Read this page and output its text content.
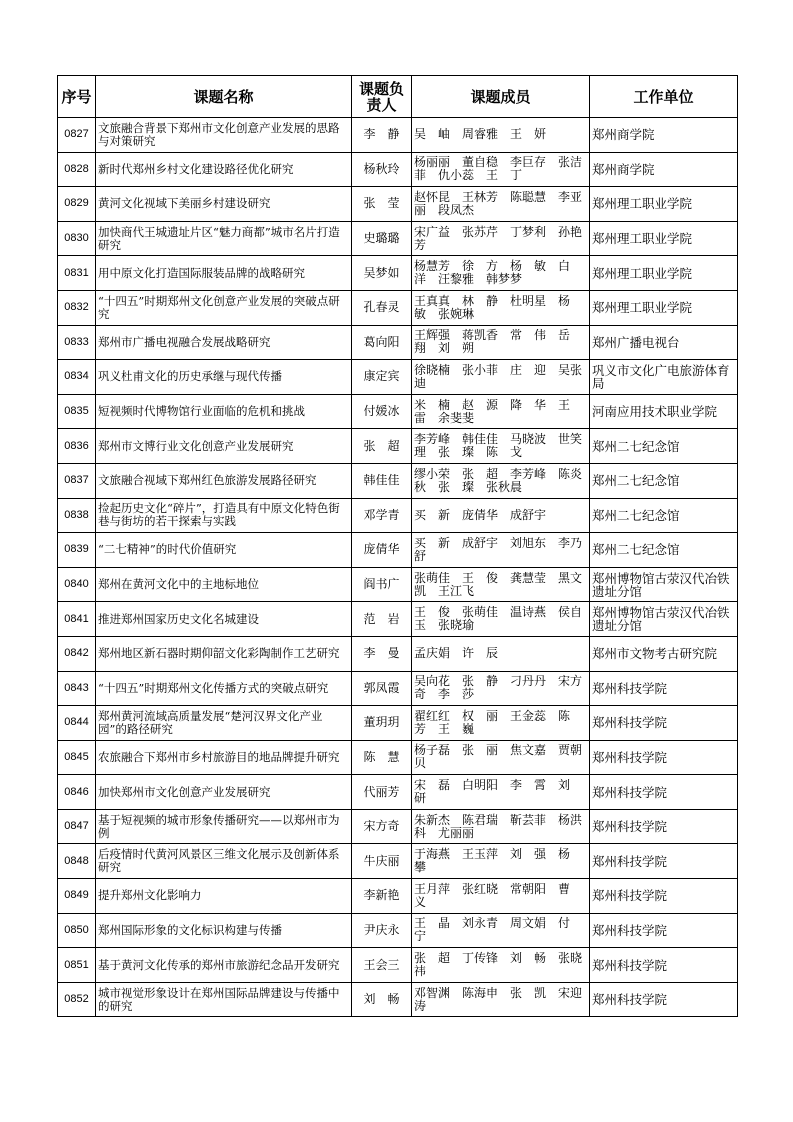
序号	课题名称	课题负责人	课题成员	工作单位
0827	文旅融合背景下郑州市文化创意产业发展的思路与对策研究	李　静	吴　岫　周睿雅　王　妍	郑州商学院
0828	新时代郑州乡村文化建设路径优化研究	杨秋玲	杨丽丽　董自稳　李巨存　张洁菲　仇小蕊　王　丁	郑州商学院
0829	黄河文化视域下美丽乡村建设研究	张　莹	赵怀昆　王林芳　陈聪慧　李亚丽　段凤杰	郑州理工职业学院
0830	加快商代王城遗址片区“魅力商都”城市名片打造研究	史璐璐	宋广益　张苏芹　丁梦利　孙艳芳	郑州理工职业学院
0831	用中原文化打造国际服装品牌的战略研究	吴梦如	杨慧芳　徐　方　杨　敏　白　洋　汪黎雅　韩梦梦	郑州理工职业学院
0832	“十四五”时期郑州文化创意产业发展的突破点研究	孔春灵	王真真　林　静　杜明星　杨　敏　张婉琳	郑州理工职业学院
0833	郑州市广播电视融合发展战略研究	葛向阳	王辉强　蒋凯香　常　伟　岳　翔　刘　朔	郑州广播电视台
0834	巩义杜甫文化的历史承继与现代传播	康定宾	徐晓楠　张小菲　庄　迎　吴张迪	巩义市文化广电旅游体育局
0835	短视频时代博物馆行业面临的危机和挑战	付媛冰	米　楠　赵　源　降　华　王　雷　余斐斐	河南应用技术职业学院
0836	郑州市文博行业文化创意产业发展研究	张　超	李芳峰　韩佳佳　马晓波　世笑理　张　璨　陈　戈	郑州二七纪念馆
0837	文旅融合视域下郑州红色旅游发展路径研究	韩佳佳	缪小荣　张　超　李芳峰　陈炎秋　张　璨　张秋晨	郑州二七纪念馆
0838	捡起历史文化“碎片”，打造具有中原文化特色街巷与街坊的若干探索与实践	邓学青	买　新　庞倩华　成舒宇	郑州二七纪念馆
0839	“二七精神”的时代价值研究	庞倩华	买　新　成舒宇　刘旭东　李乃舒	郑州二七纪念馆
0840	郑州在黄河文化中的主地标地位	阎书广	张萌佳　王　俊　龚慧莹　黑文凯　王江飞	郑州博物馆古荥汉代冶铁遗址分馆
0841	推进郑州国家历史文化名城建设	范　岩	王　俊　张萌佳　温诗燕　侯自玉　张晓瑜	郑州博物馆古荥汉代冶铁遗址分馆
0842	郑州地区新石器时期仰韶文化彩陶制作工艺研究	李　曼	孟庆娟　许　辰	郑州市文物考古研究院
0843	“十四五”时期郑州文化传播方式的突破点研究	郭凤霞	吴向花　张　静　刁丹丹　宋方奇　李　莎	郑州科技学院
0844	郑州黄河流域高质量发展“楚河汉界文化产业园”的路径研究	董玥玥	翟红红　权　丽　王金蕊　陈　芳　王　巍	郑州科技学院
0845	农旅融合下郑州市乡村旅游目的地品牌提升研究	陈　慧	杨子磊　张　丽　焦文嘉　贾朝贝	郑州科技学院
0846	加快郑州市文化创意产业发展研究	代丽芳	宋　磊　白明阳　李　霄　刘　研	郑州科技学院
0847	基于短视频的城市形象传播研究——以郑州市为例	宋方奇	朱新杰　陈君瑞　靳芸菲　杨洪科　尤丽丽	郑州科技学院
0848	后疫情时代黄河风景区三维文化展示及创新体系研究	牛庆丽	于海燕　王玉萍　刘　强　杨　攀	郑州科技学院
0849	提升郑州文化影响力	李新艳	王月萍　张红晓　常朝阳　曹　义	郑州科技学院
0850	郑州国际形象的文化标识构建与传播	尹庆永	王　晶　刘永青　周文娟　付　宁	郑州科技学院
0851	基于黄河文化传承的郑州市旅游纪念品开发研究	王会三	张　超　丁传锋　刘　畅　张晓祎	郑州科技学院
0852	城市视觉形象设计在郑州国际品牌建设与传播中的研究	刘　畅	邓智渊　陈海申　张　凯　宋迎涛	郑州科技学院
